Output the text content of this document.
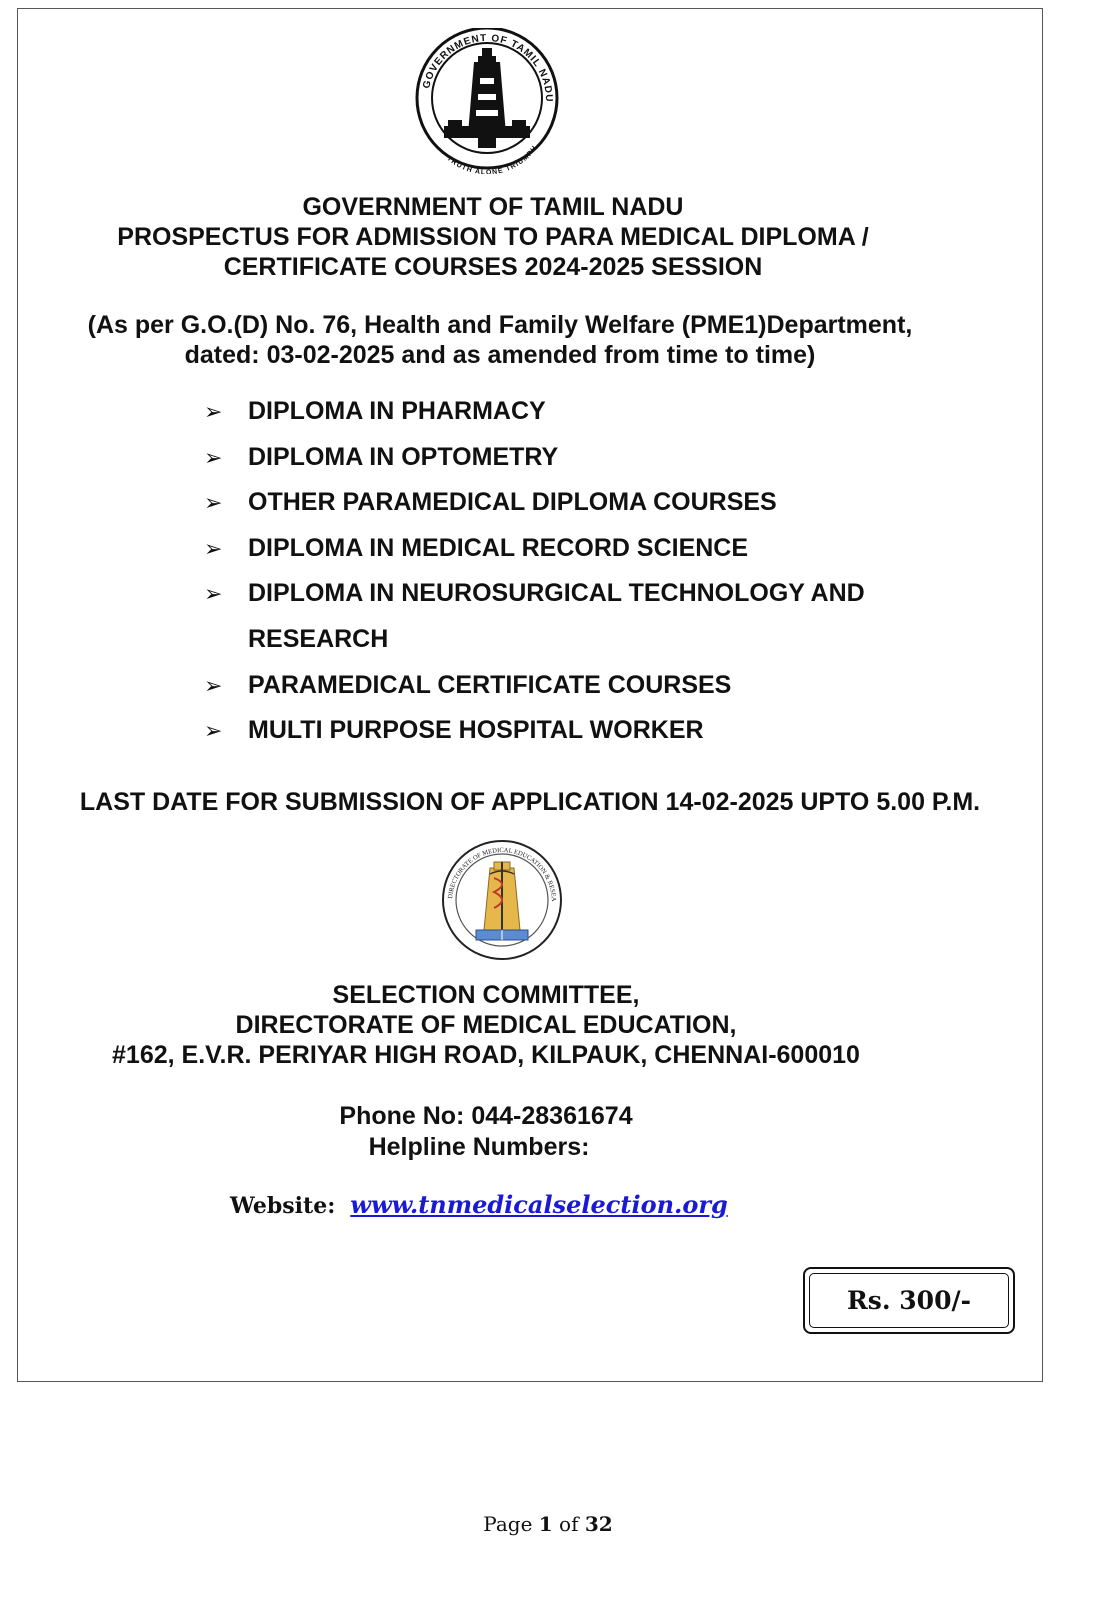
GOVERNMENT OF TAMIL NADU
TRUTH ALONE TRIUMPH
GOVERNMENT OF TAMIL NADU
PROSPECTUS FOR ADMISSION TO PARA MEDICAL DIPLOMA /
CERTIFICATE COURSES 2024-2025 SESSION
(As per G.O.(D) No. 76, Health and Family Welfare (PME1)Department,
dated: 03-02-2025 and as amended from time to time)
➢ DIPLOMA IN PHARMACY
➢ DIPLOMA IN OPTOMETRY
➢ OTHER PARAMEDICAL DIPLOMA COURSES
➢ DIPLOMA IN MEDICAL RECORD SCIENCE
➢ DIPLOMA IN NEUROSURGICAL TECHNOLOGY AND
RESEARCH
➢ PARAMEDICAL CERTIFICATE COURSES
➢ MULTI PURPOSE HOSPITAL WORKER
LAST DATE FOR SUBMISSION OF APPLICATION 14-02-2025 UPTO 5.00 P.M.
DIRECTORATE OF MEDICAL EDUCATION & RESEA
SELECTION COMMITTEE,
DIRECTORATE OF MEDICAL EDUCATION,
#162, E.V.R. PERIYAR HIGH ROAD, KILPAUK, CHENNAI-600010
Phone No: 044-28361674
Helpline Numbers:
Website: www.tnmedicalselection.org
Rs. 300/-
Page 1 of 32
